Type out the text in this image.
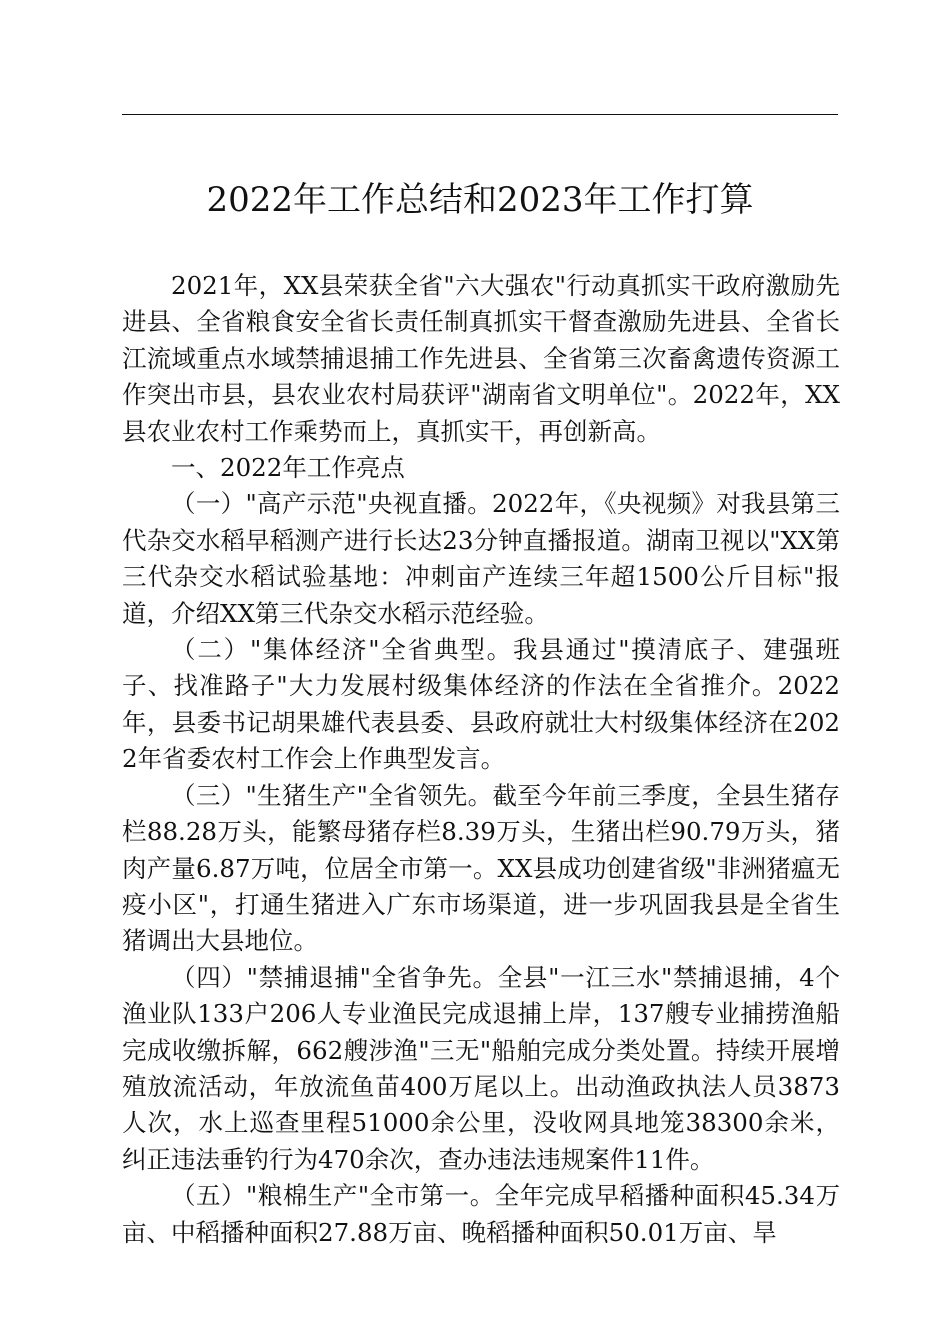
2022年工作总结和2023年工作打算

2021年，XX县荣获全省"六大强农"行动真抓实干政府激励先进县、全省粮食安全省长责任制真抓实干督查激励先进县、全省长江流域重点水域禁捕退捕工作先进县、全省第三次畜禽遗传资源工作突出市县，县农业农村局获评"湖南省文明单位"。2022年，XX县农业农村工作乘势而上，真抓实干，再创新高。

一、2022年工作亮点

（一）"高产示范"央视直播。2022年，《央视频》对我县第三代杂交水稻早稻测产进行长达23分钟直播报道。湖南卫视以"XX第三代杂交水稻试验基地：冲刺亩产连续三年超1500公斤目标"报道，介绍XX第三代杂交水稻示范经验。

（二）"集体经济"全省典型。我县通过"摸清底子、建强班子、找准路子"大力发展村级集体经济的作法在全省推介。2022年，县委书记胡果雄代表县委、县政府就壮大村级集体经济在2022年省委农村工作会上作典型发言。

（三）"生猪生产"全省领先。截至今年前三季度，全县生猪存栏88.28万头，能繁母猪存栏8.39万头，生猪出栏90.79万头，猪肉产量6.87万吨，位居全市第一。XX县成功创建省级"非洲猪瘟无疫小区"，打通生猪进入广东市场渠道，进一步巩固我县是全省生猪调出大县地位。

（四）"禁捕退捕"全省争先。全县"一江三水"禁捕退捕，4个渔业队133户206人专业渔民完成退捕上岸，137艘专业捕捞渔船完成收缴拆解，662艘涉渔"三无"船舶完成分类处置。持续开展增殖放流活动，年放流鱼苗400万尾以上。出动渔政执法人员3873人次，水上巡查里程51000余公里，没收网具地笼38300余米，纠正违法垂钓行为470余次，查办违法违规案件11件。

（五）"粮棉生产"全市第一。全年完成早稻播种面积45.34万亩、中稻播种面积27.88万亩、晚稻播种面积50.01万亩、旱
